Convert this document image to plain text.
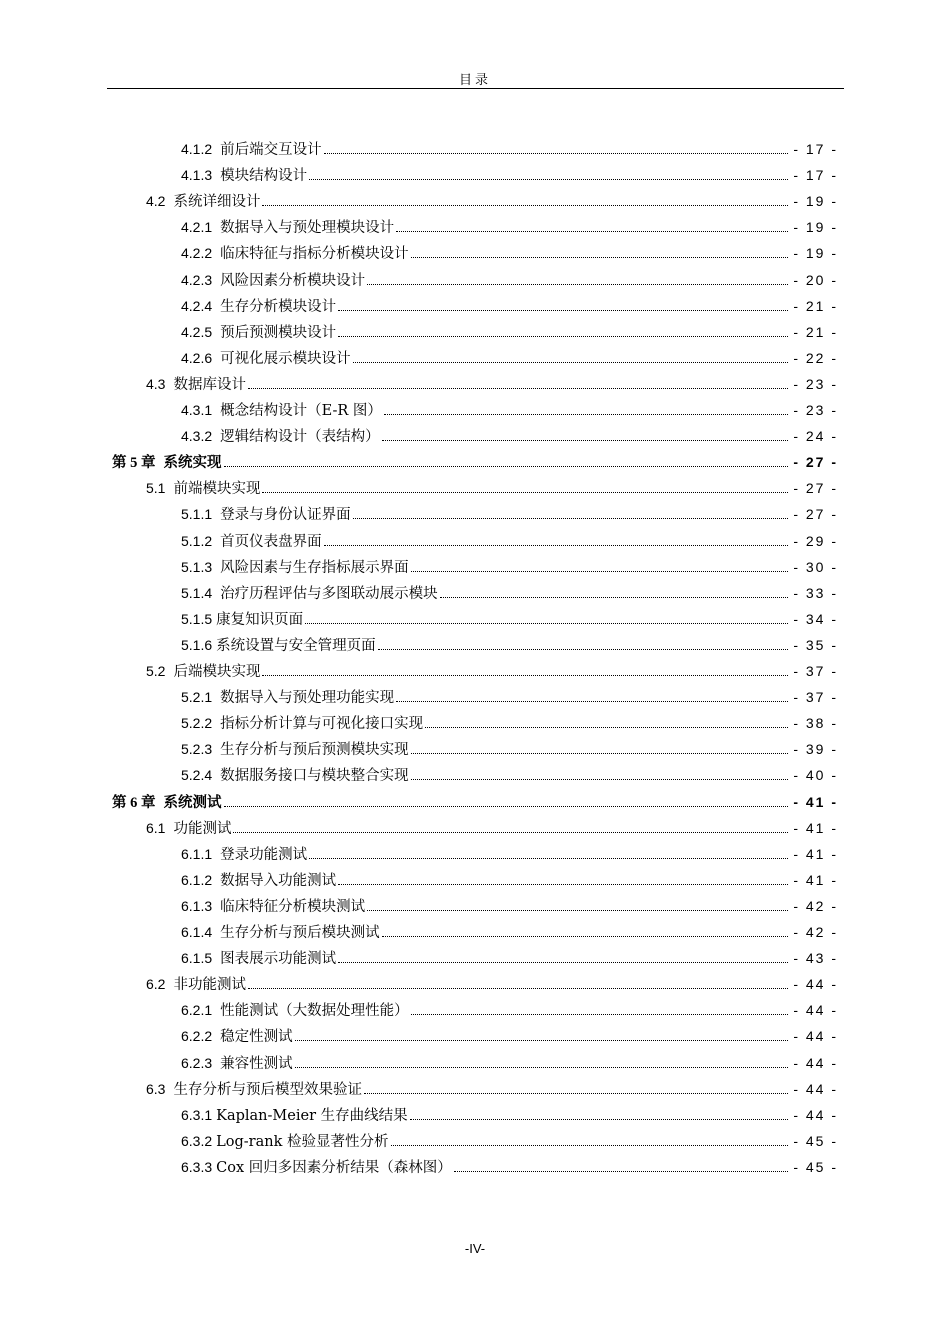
目录
4.1.2 前后端交互设计	- 17 -
4.1.3 模块结构设计	- 17 -
4.2 系统详细设计	- 19 -
4.2.1 数据导入与预处理模块设计	- 19 -
4.2.2 临床特征与指标分析模块设计	- 19 -
4.2.3 风险因素分析模块设计	- 20 -
4.2.4 生存分析模块设计	- 21 -
4.2.5 预后预测模块设计	- 21 -
4.2.6 可视化展示模块设计	- 22 -
4.3 数据库设计	- 23 -
4.3.1 概念结构设计（E-R 图）	- 23 -
4.3.2 逻辑结构设计（表结构）	- 24 -
第 5 章 系统实现	- 27 -
5.1 前端模块实现	- 27 -
5.1.1 登录与身份认证界面	- 27 -
5.1.2 首页仪表盘界面	- 29 -
5.1.3 风险因素与生存指标展示界面	- 30 -
5.1.4 治疗历程评估与多图联动展示模块	- 33 -
5.1.5 康复知识页面	- 34 -
5.1.6 系统设置与安全管理页面	- 35 -
5.2 后端模块实现	- 37 -
5.2.1 数据导入与预处理功能实现	- 37 -
5.2.2 指标分析计算与可视化接口实现	- 38 -
5.2.3 生存分析与预后预测模块实现	- 39 -
5.2.4 数据服务接口与模块整合实现	- 40 -
第 6 章 系统测试	- 41 -
6.1 功能测试	- 41 -
6.1.1 登录功能测试	- 41 -
6.1.2 数据导入功能测试	- 41 -
6.1.3 临床特征分析模块测试	- 42 -
6.1.4 生存分析与预后模块测试	- 42 -
6.1.5 图表展示功能测试	- 43 -
6.2 非功能测试	- 44 -
6.2.1 性能测试（大数据处理性能）	- 44 -
6.2.2 稳定性测试	- 44 -
6.2.3 兼容性测试	- 44 -
6.3 生存分析与预后模型效果验证	- 44 -
6.3.1 Kaplan-Meier 生存曲线结果	- 44 -
6.3.2 Log-rank 检验显著性分析	- 45 -
6.3.3 Cox 回归多因素分析结果（森林图）	- 45 -
-IV-
